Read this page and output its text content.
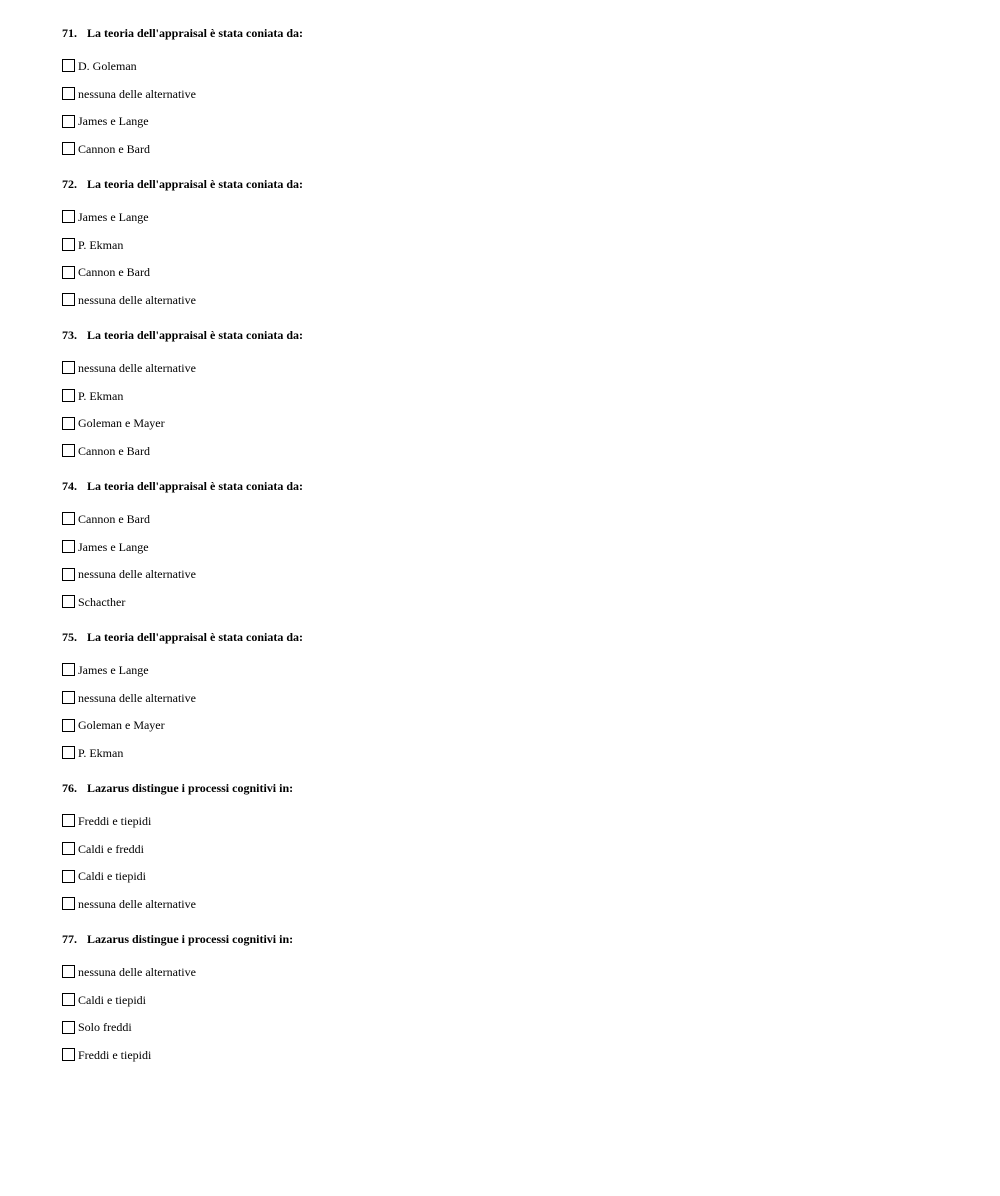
71. La teoria dell'appraisal è stata coniata da:

D. Goleman
nessuna delle alternative
James e Lange
Cannon e Bard

72. La teoria dell'appraisal è stata coniata da:

James e Lange
P. Ekman
Cannon e Bard
nessuna delle alternative

73. La teoria dell'appraisal è stata coniata da:

nessuna delle alternative
P. Ekman
Goleman e Mayer
Cannon e Bard

74. La teoria dell'appraisal è stata coniata da:

Cannon e Bard
James e Lange
nessuna delle alternative
Schacther

75. La teoria dell'appraisal è stata coniata da:

James e Lange
nessuna delle alternative
Goleman e Mayer
P. Ekman

76. Lazarus distingue i processi cognitivi in:

Freddi e tiepidi
Caldi e freddi
Caldi e tiepidi
nessuna delle alternative

77. Lazarus distingue i processi cognitivi in:

nessuna delle alternative
Caldi e tiepidi
Solo freddi
Freddi e tiepidi
